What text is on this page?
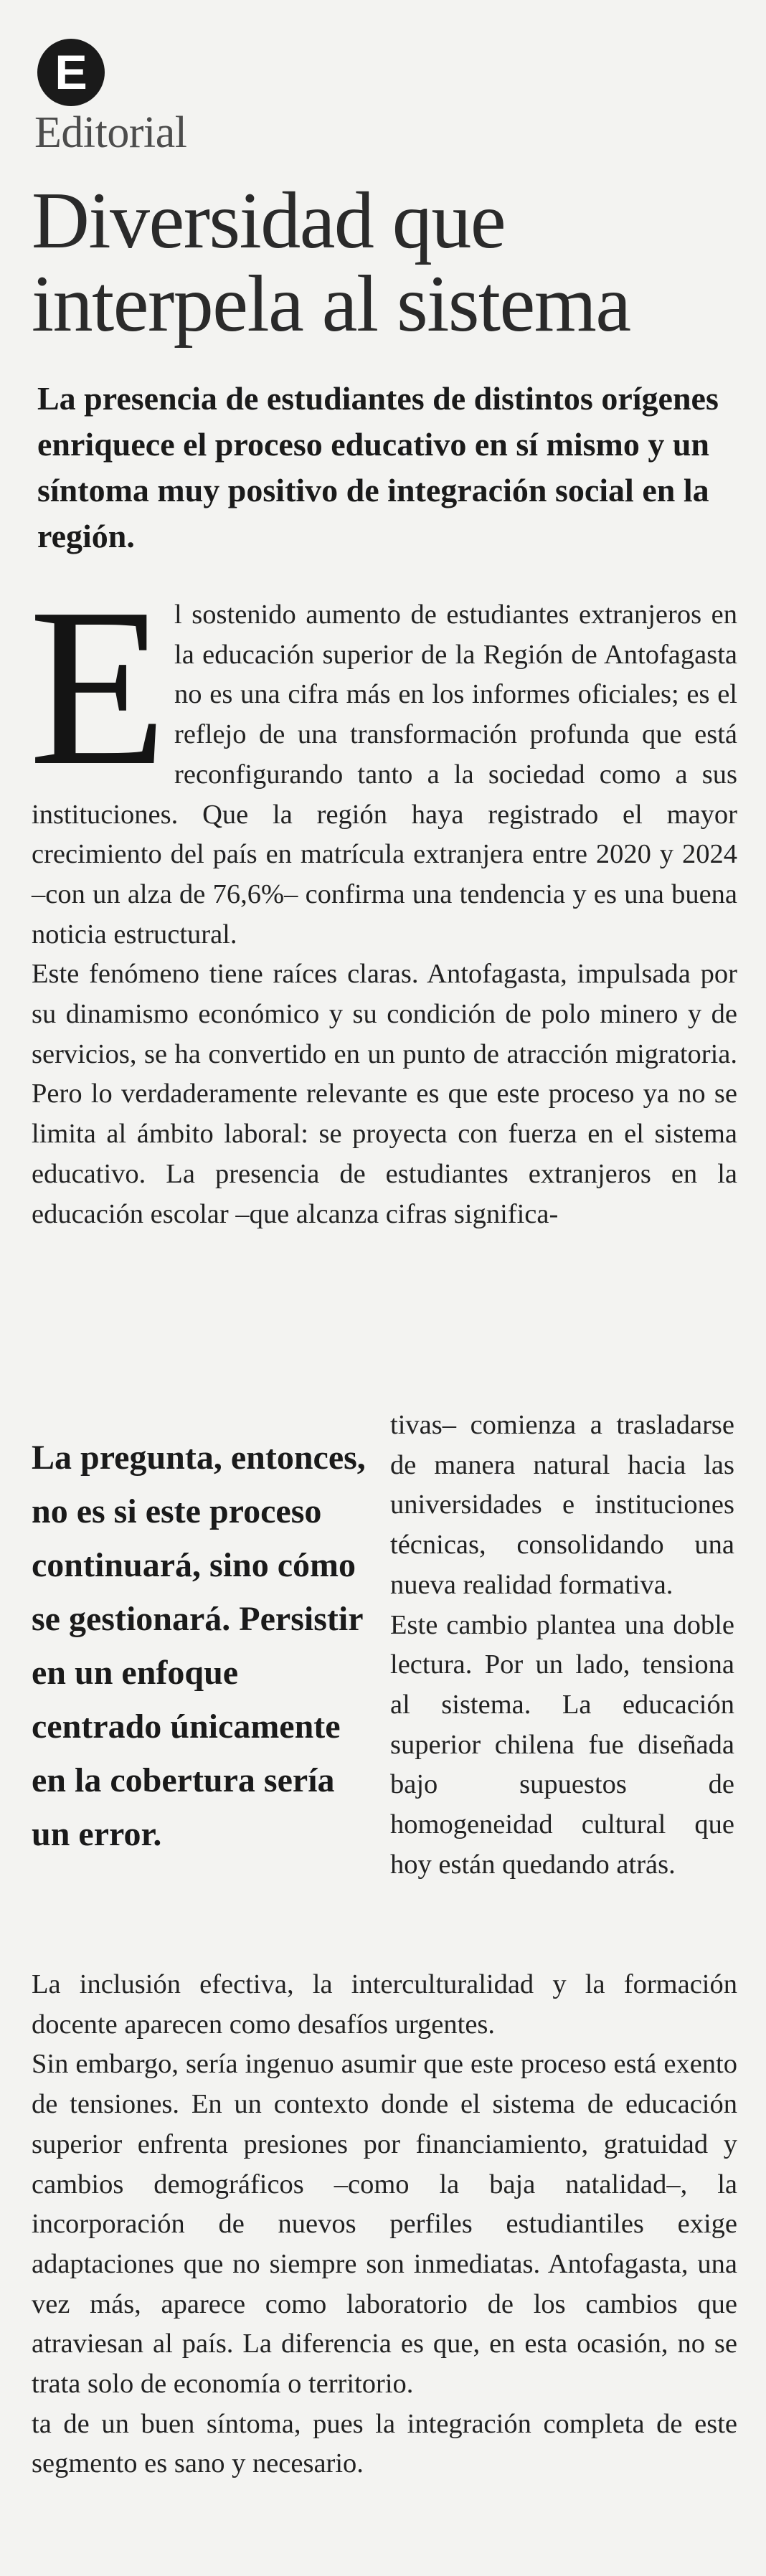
E
Editorial
Diversidad que interpela al sistema
La presencia de estudiantes de distintos orígenes enriquece el proceso educativo en sí mismo y un síntoma muy positivo de integración social en la región.

El sostenido aumento de estudiantes extranjeros en la educación superior de la Región de Antofagasta no es una cifra más en los informes oficiales; es el reflejo de una transformación profunda que está reconfigurando tanto a la sociedad como a sus instituciones. Que la región haya registrado el mayor crecimiento del país en matrícula extranjera entre 2020 y 2024 –con un alza de 76,6%– confirma una tendencia y es una buena noticia estructural.

Este fenómeno tiene raíces claras. Antofagasta, impulsada por su dinamismo económico y su condición de polo minero y de servicios, se ha convertido en un punto de atracción migratoria. Pero lo verdaderamente relevante es que este proceso ya no se limita al ámbito laboral: se proyecta con fuerza en el sistema educativo. La presencia de estudiantes extranjeros en la educación escolar –que alcanza cifras significa-

La pregunta, entonces, no es si este proceso continuará, sino cómo se gestionará. Persistir en un enfoque centrado únicamente en la cobertura sería un error.

tivas– comienza a trasladarse de manera natural hacia las universidades e instituciones técnicas, consolidando una nueva realidad formativa.

Este cambio plantea una doble lectura. Por un lado, tensiona al sistema. La educación superior chilena fue diseñada bajo supuestos de homogeneidad cultural que hoy están quedando atrás.

La inclusión efectiva, la interculturalidad y la formación docente aparecen como desafíos urgentes.

Sin embargo, sería ingenuo asumir que este proceso está exento de tensiones. En un contexto donde el sistema de educación superior enfrenta presiones por financiamiento, gratuidad y cambios demográficos –como la baja natalidad–, la incorporación de nuevos perfiles estudiantiles exige adaptaciones que no siempre son inmediatas. Antofagasta, una vez más, aparece como laboratorio de los cambios que atraviesan al país. La diferencia es que, en esta ocasión, no se trata solo de economía o territorio.

ta de un buen síntoma, pues la integración completa de este segmento es sano y necesario.
